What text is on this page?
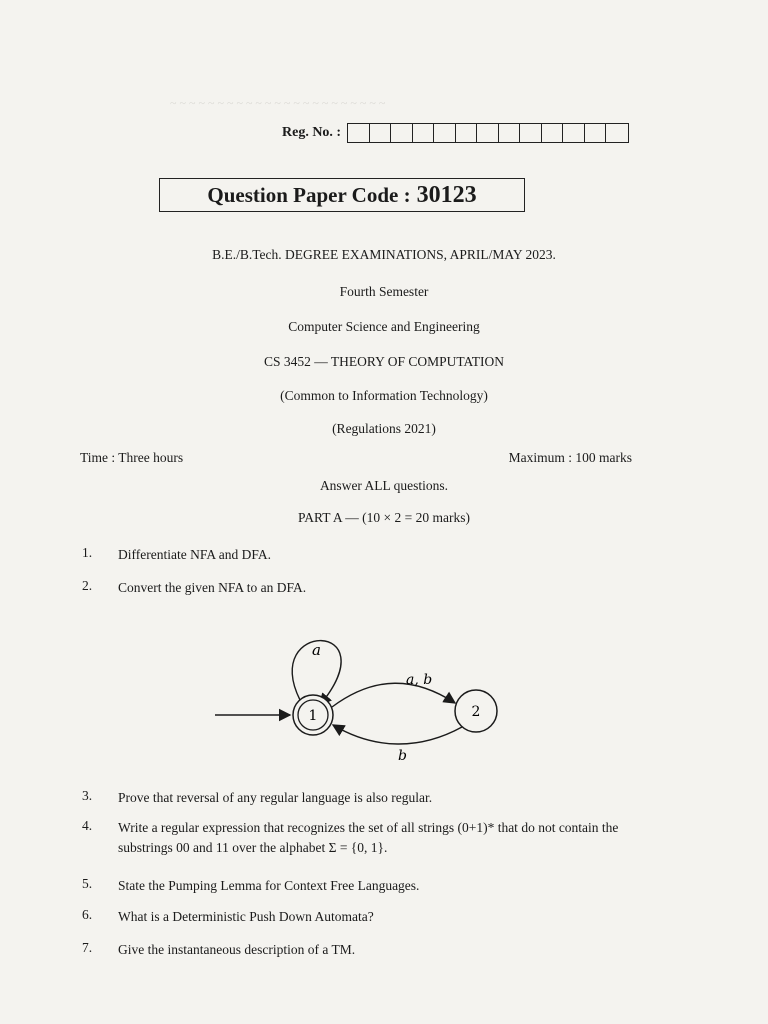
~ ~ ~ ~ ~ ~ ~ ~ ~ ~ ~ ~ ~ ~ ~ ~ ~ ~ ~ ~ ~ ~ ~
Reg. No. :
Question Paper Code : 30123
B.E./B.Tech. DEGREE EXAMINATIONS, APRIL/MAY 2023.
Fourth Semester
Computer Science and Engineering
CS 3452 — THEORY OF COMPUTATION
(Common to Information Technology)
(Regulations 2021)
Time : Three hours	Maximum : 100 marks
Answer ALL questions.
PART A — (10 × 2 = 20 marks)
1.	Differentiate NFA and DFA.
2.	Convert the given NFA to an DFA.
a
a, b
b
1	2
3.	Prove that reversal of any regular language is also regular.
4.	Write a regular expression that recognizes the set of all strings (0+1)* that do not contain the substrings 00 and 11 over the alphabet Σ = {0, 1}.
5.	State the Pumping Lemma for Context Free Languages.
6.	What is a Deterministic Push Down Automata?
7.	Give the instantaneous description of a TM.
